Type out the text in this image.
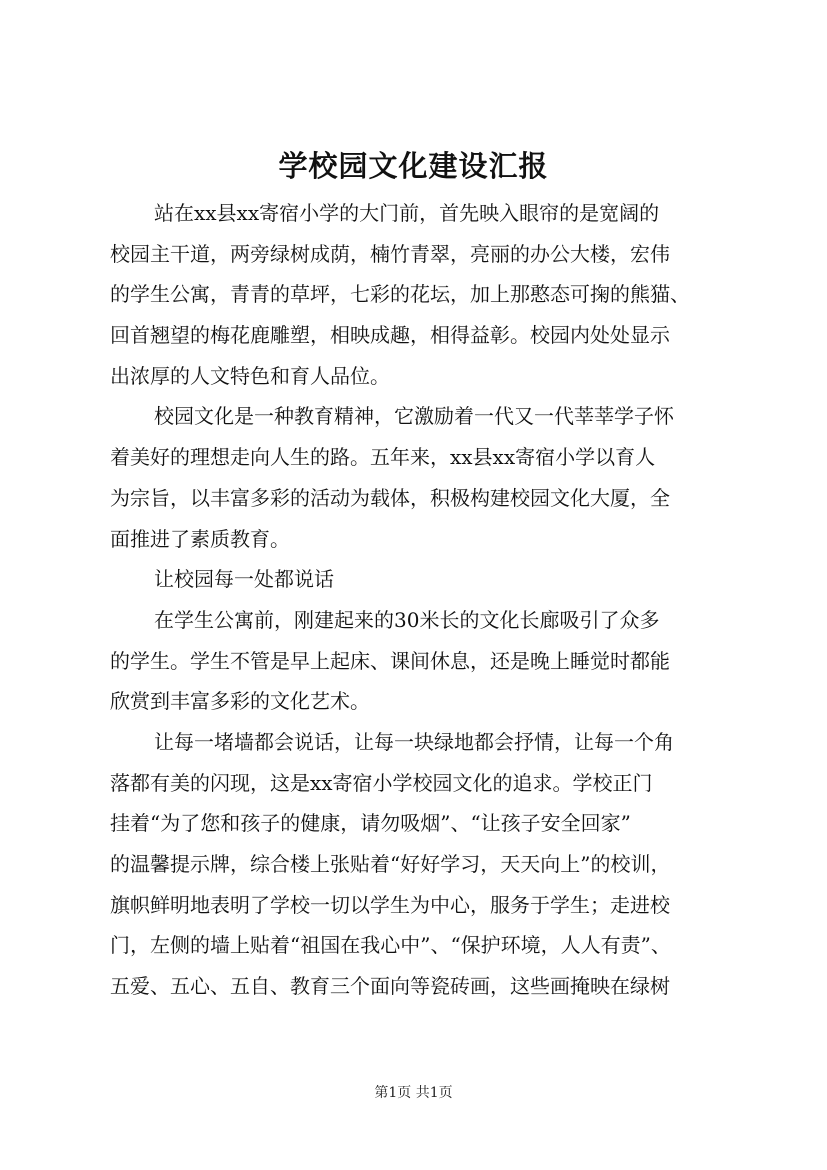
学校园文化建设汇报
站在xx县xx寄宿小学的大门前，首先映入眼帘的是宽阔的
校园主干道，两旁绿树成荫，楠竹青翠，亮丽的办公大楼，宏伟
的学生公寓，青青的草坪，七彩的花坛，加上那憨态可掬的熊猫、
回首翘望的梅花鹿雕塑，相映成趣，相得益彰。校园内处处显示
出浓厚的人文特色和育人品位。
校园文化是一种教育精神，它激励着一代又一代莘莘学子怀
着美好的理想走向人生的路。五年来，xx县xx寄宿小学以育人
为宗旨，以丰富多彩的活动为载体，积极构建校园文化大厦，全
面推进了素质教育。
让校园每一处都说话
在学生公寓前，刚建起来的30米长的文化长廊吸引了众多
的学生。学生不管是早上起床、课间休息，还是晚上睡觉时都能
欣赏到丰富多彩的文化艺术。
让每一堵墙都会说话，让每一块绿地都会抒情，让每一个角
落都有美的闪现，这是xx寄宿小学校园文化的追求。学校正门
挂着“为了您和孩子的健康，请勿吸烟”、“让孩子安全回家”
的温馨提示牌，综合楼上张贴着“好好学习，天天向上”的校训，
旗帜鲜明地表明了学校一切以学生为中心，服务于学生；走进校
门，左侧的墙上贴着“祖国在我心中”、“保护环境，人人有责”、
五爱、五心、五自、教育三个面向等瓷砖画，这些画掩映在绿树
第1页 共1页
